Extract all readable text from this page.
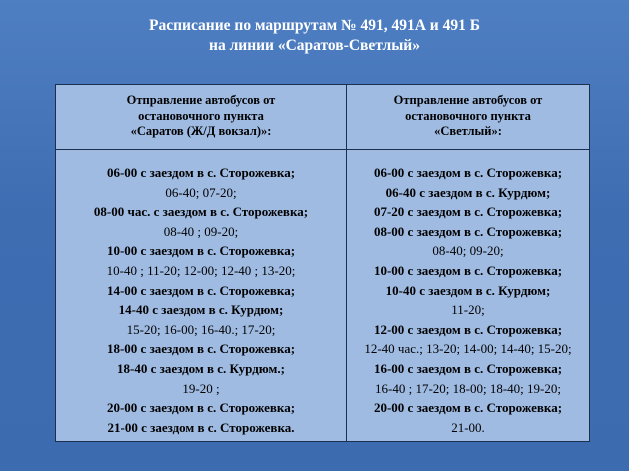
Расписание по маршрутам № 491, 491А и 491 Б
на линии «Саратов-Светлый»
Отправление автобусов от
остановочного пункта
«Саратов (Ж/Д вокзал)»:
Отправление автобусов от
остановочного пункта
«Светлый»:
06-00 с заездом в с. Сторожевка;
06-40; 07-20;
08-00 час. с заездом в с. Сторожевка;
08-40 ; 09-20;
10-00 с заездом в с. Сторожевка;
10-40 ; 11-20; 12-00; 12-40 ; 13-20;
14-00 с заездом в с. Сторожевка;
14-40 с заездом в с. Курдюм;
15-20; 16-00; 16-40.; 17-20;
18-00 с заездом в с. Сторожевка;
18-40 с заездом в с. Курдюм.;
19-20 ;
20-00 с заездом в с. Сторожевка;
21-00 с заездом в с. Сторожевка.
06-00 с заездом в с. Сторожевка;
06-40 с заездом в с. Курдюм;
07-20 с заездом в с. Сторожевка;
08-00 с заездом в с. Сторожевка;
08-40; 09-20;
10-00 с заездом в с. Сторожевка;
10-40 с заездом в с. Курдюм;
11-20;
12-00 с заездом в с. Сторожевка;
12-40 час.; 13-20; 14-00; 14-40; 15-20;
16-00 с заездом в с. Сторожевка;
16-40 ; 17-20; 18-00; 18-40; 19-20;
20-00 с заездом в с. Сторожевка;
21-00.
